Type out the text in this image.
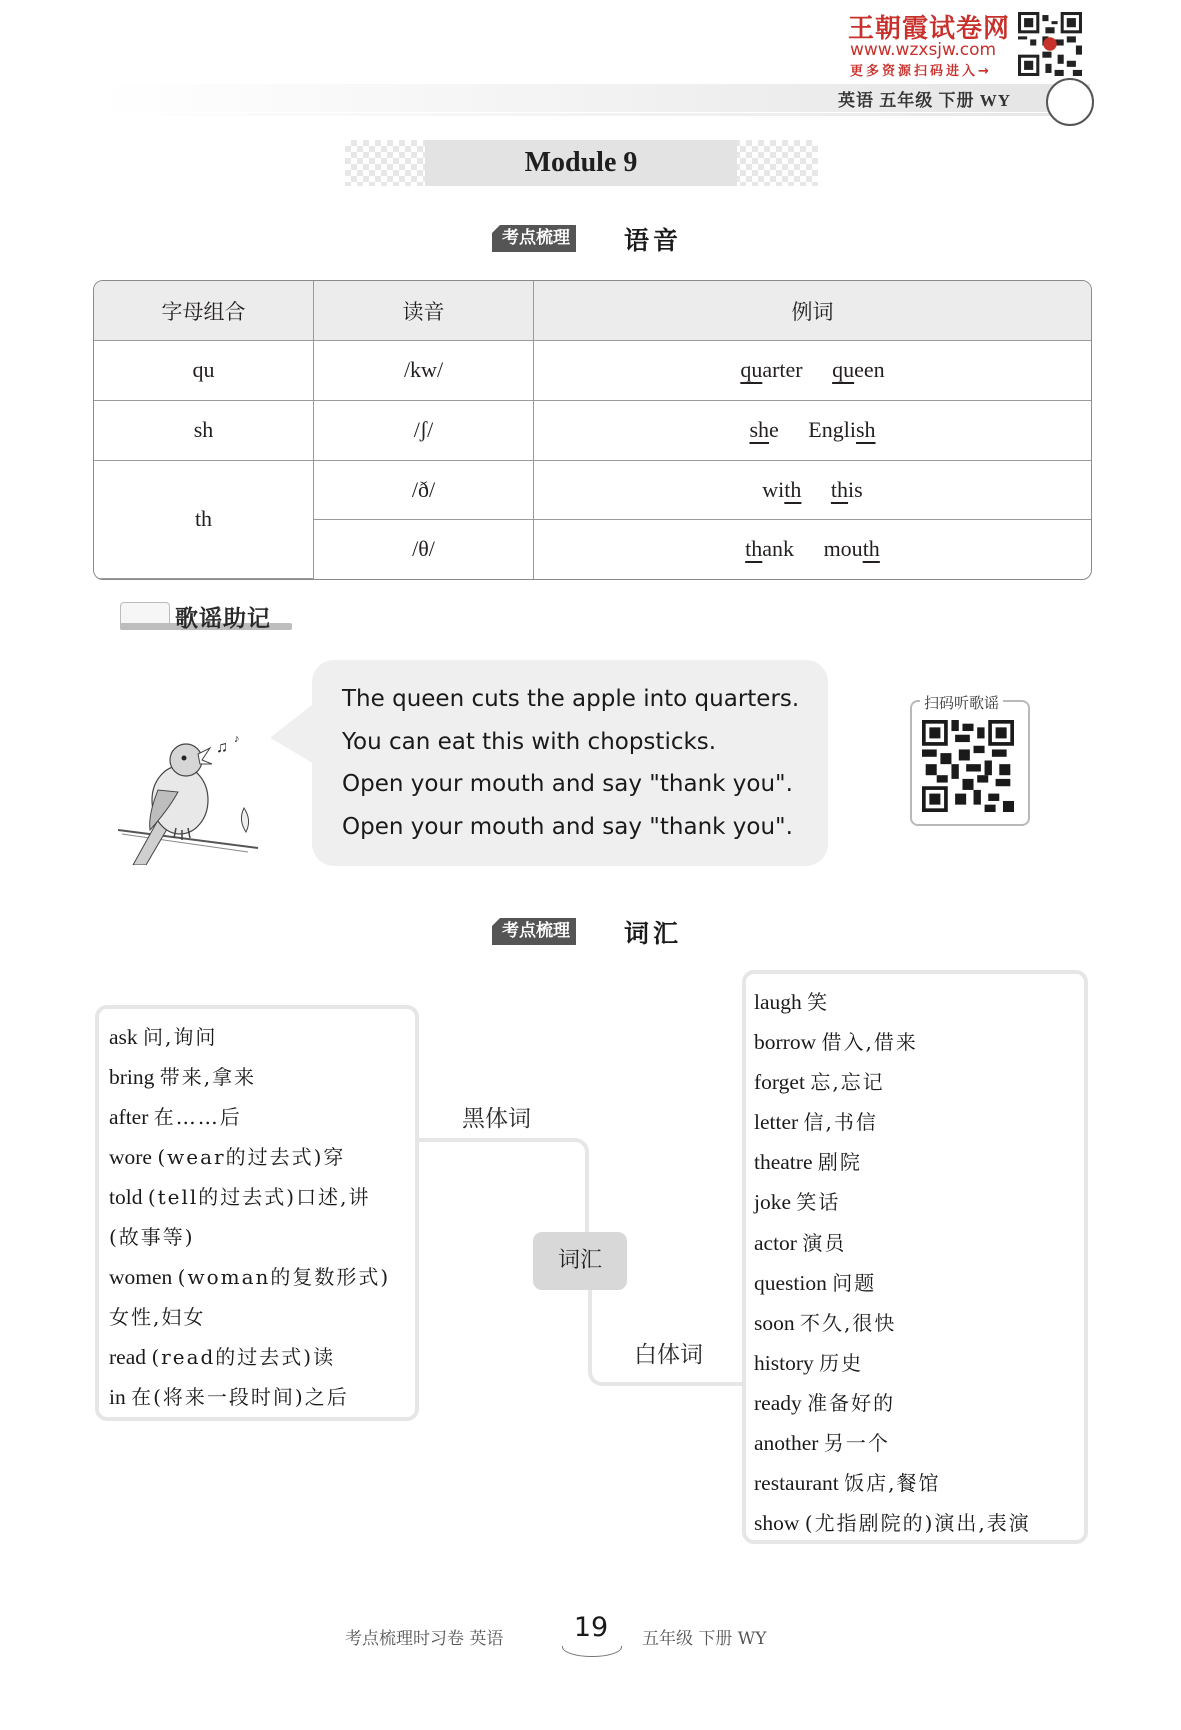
王朝霞试卷网
www.wzxsjw.com
更多资源扫码进入→
英语 五年级 下册 WY
Module 9
考点梳理 语音
字母组合	读音	例词
qu	/kw/	quarter queen
sh	/ʃ/	she English
th	/ð/	with this
	/θ/	thank mouth
歌谣助记
The queen cuts the apple into quarters.
You can eat this with chopsticks.
Open your mouth and say "thank you".
Open your mouth and say "thank you".
♫ ♪
扫码听歌谣
考点梳理 词汇
词汇
黑体词
白体词
ask 问,询问
bring 带来,拿来
after 在……后
wore (wear的过去式)穿
told (tell的过去式)口述,讲
(故事等)
women (woman的复数形式)
女性,妇女
read (read的过去式)读
in 在(将来一段时间)之后
laugh 笑
borrow 借入,借来
forget 忘,忘记
letter 信,书信
theatre 剧院
joke 笑话
actor 演员
question 问题
soon 不久,很快
history 历史
ready 准备好的
another 另一个
restaurant 饭店,餐馆
show (尤指剧院的)演出,表演
考点梳理时习卷 英语	19	五年级 下册 WY
